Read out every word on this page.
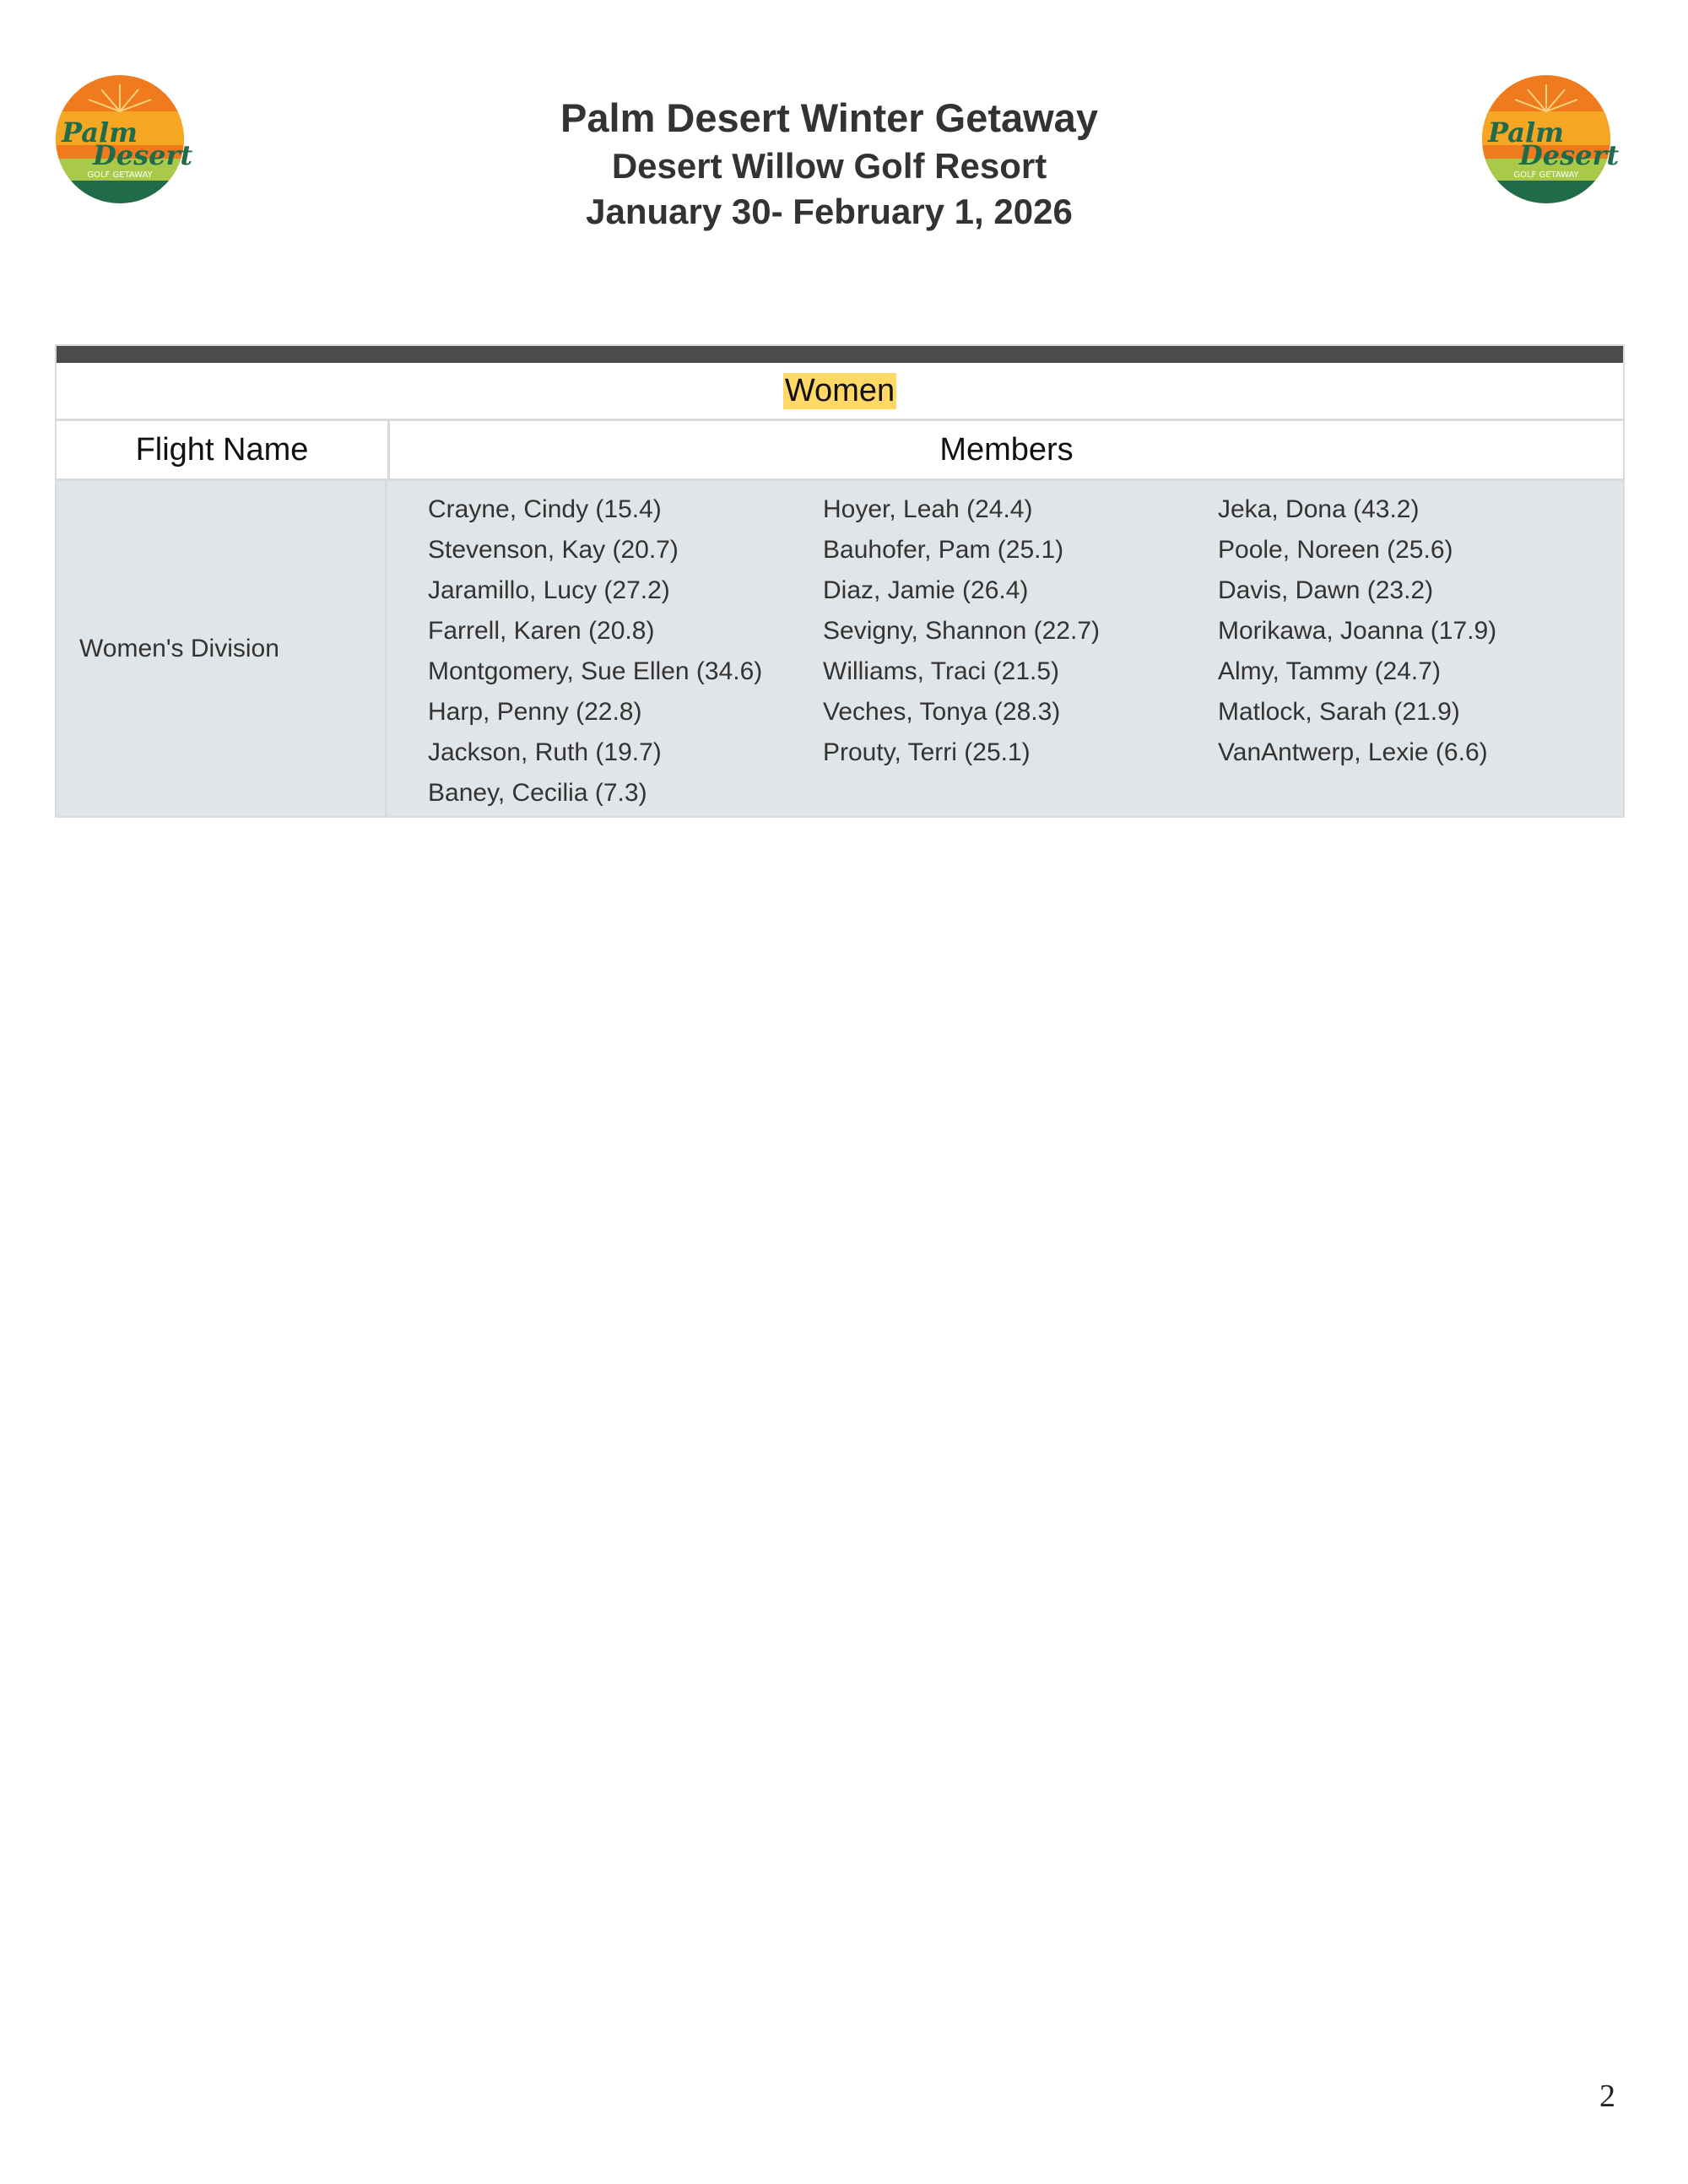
Palm
Desert
GOLF GETAWAY
Palm
Desert
GOLF GETAWAY
Palm Desert Winter Getaway
Desert Willow Golf Resort
January 30- February 1, 2026
Women
Flight Name	Members
Women's Division
Crayne, Cindy (15.4)
Stevenson, Kay (20.7)
Jaramillo, Lucy (27.2)
Farrell, Karen (20.8)
Montgomery, Sue Ellen (34.6)
Harp, Penny (22.8)
Jackson, Ruth (19.7)
Baney, Cecilia (7.3)
Hoyer, Leah (24.4)
Bauhofer, Pam (25.1)
Diaz, Jamie (26.4)
Sevigny, Shannon (22.7)
Williams, Traci (21.5)
Veches, Tonya (28.3)
Prouty, Terri (25.1)
Jeka, Dona (43.2)
Poole, Noreen (25.6)
Davis, Dawn (23.2)
Morikawa, Joanna (17.9)
Almy, Tammy (24.7)
Matlock, Sarah (21.9)
VanAntwerp, Lexie (6.6)
2
